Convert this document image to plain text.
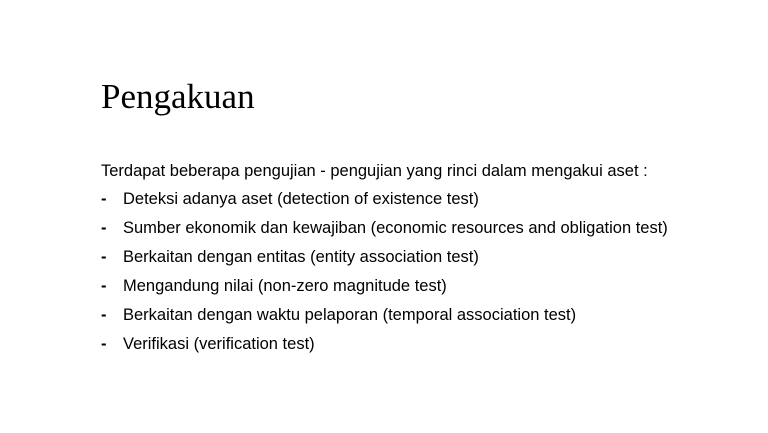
Pengakuan

Terdapat beberapa pengujian - pengujian yang rinci dalam mengakui aset :

-	Deteksi adanya aset (detection of existence test)
-	Sumber ekonomik dan kewajiban (economic resources and obligation test)
-	Berkaitan dengan entitas (entity association test)
-	Mengandung nilai (non-zero magnitude test)
-	Berkaitan dengan waktu pelaporan (temporal association test)
-	Verifikasi (verification test)
